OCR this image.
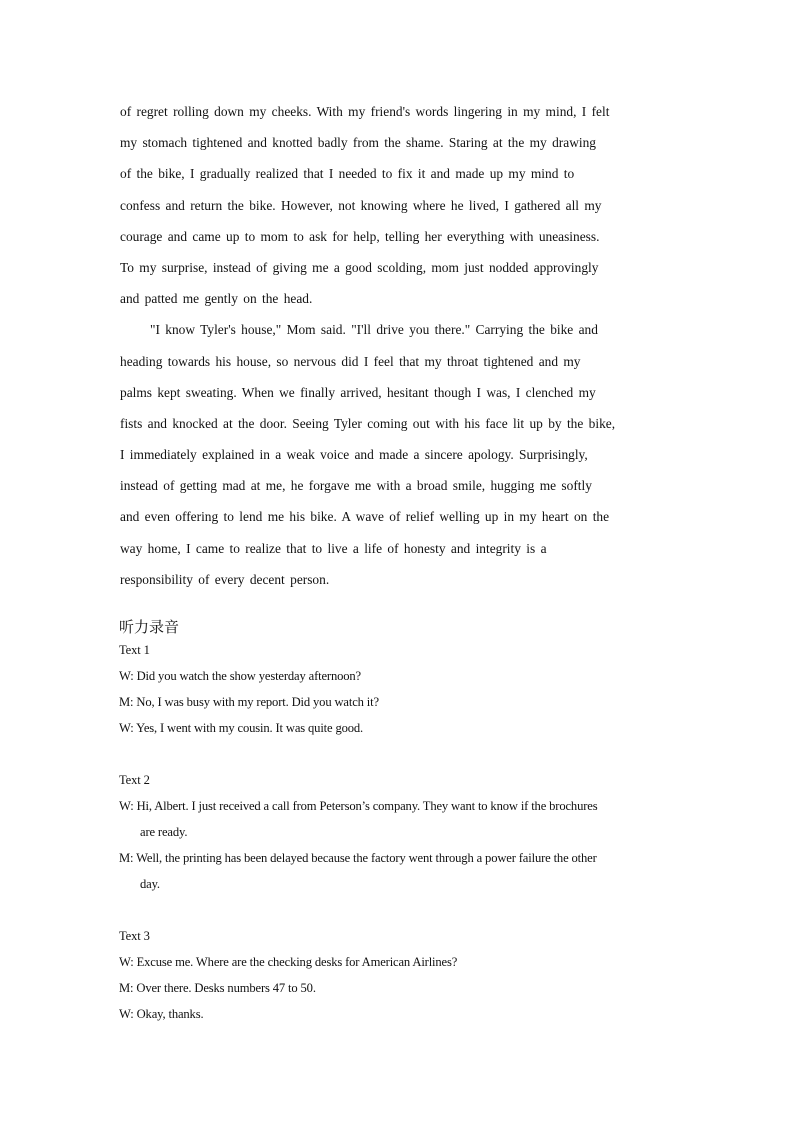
of regret rolling down my cheeks. With my friend's words lingering in my mind, I felt
my stomach tightened and knotted badly from the shame. Staring at the my drawing
of the bike, I gradually realized that I needed to fix it and made up my mind to
confess and return the bike. However, not knowing where he lived, I gathered all my
courage and came up to mom to ask for help, telling her everything with uneasiness.
To my surprise, instead of giving me a good scolding, mom just nodded approvingly
and patted me gently on the head.
"I know Tyler's house," Mom said. "I'll drive you there." Carrying the bike and
heading towards his house, so nervous did I feel that my throat tightened and my
palms kept sweating. When we finally arrived, hesitant though I was, I clenched my
fists and knocked at the door. Seeing Tyler coming out with his face lit up by the bike,
I immediately explained in a weak voice and made a sincere apology. Surprisingly,
instead of getting mad at me, he forgave me with a broad smile, hugging me softly
and even offering to lend me his bike. A wave of relief welling up in my heart on the
way home, I came to realize that to live a life of honesty and integrity is a
responsibility of every decent person.
听力录音
Text 1
W: Did you watch the show yesterday afternoon?
M: No, I was busy with my report. Did you watch it?
W: Yes, I went with my cousin. It was quite good.
Text 2
W: Hi, Albert. I just received a call from Peterson’s company. They want to know if the brochures
are ready.
M: Well, the printing has been delayed because the factory went through a power failure the other
day.
Text 3
W: Excuse me. Where are the checking desks for American Airlines?
M: Over there. Desks numbers 47 to 50.
W: Okay, thanks.
